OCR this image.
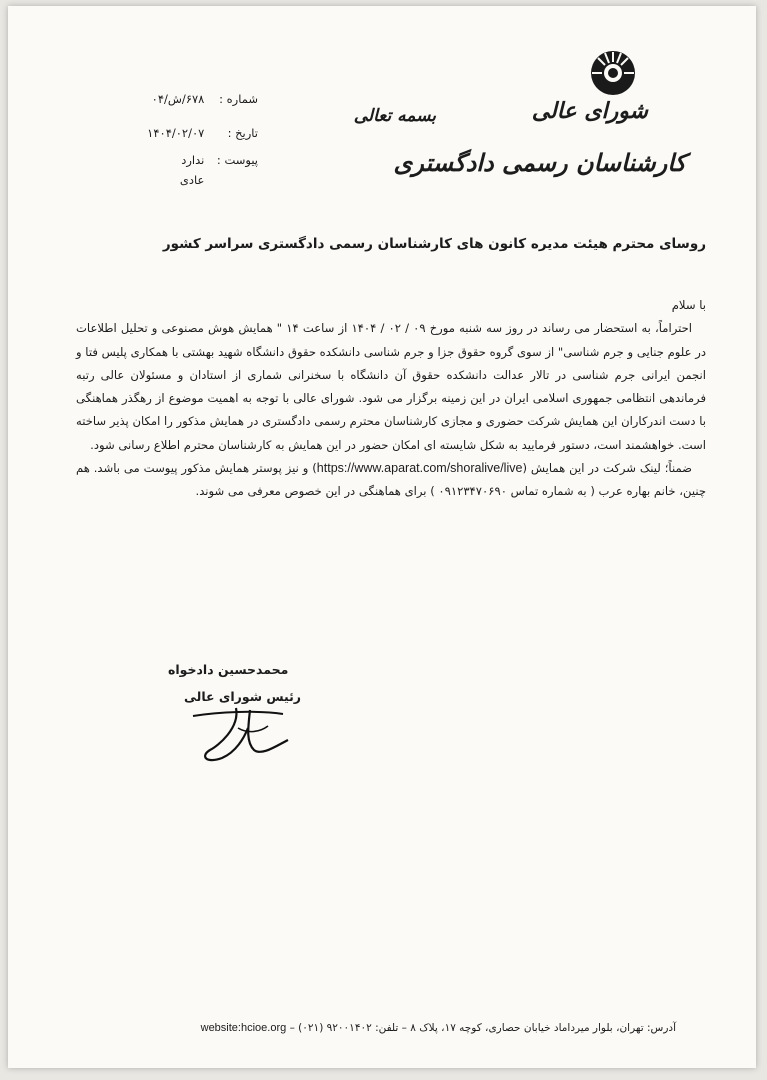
شورای عالی
کارشناسان رسمی دادگستری
بسمه تعالی
شماره : ۶۷۸/ش/۰۴
تاریخ : ۱۴۰۴/۰۲/۰۷
پیوست : ندارد
عادی
روسای محترم هیئت مدیره کانون های کارشناسان رسمی دادگستری سراسر کشور

با سلام

احتراماً، به استحضار می رساند در روز سه شنبه مورخ ۰۹ / ۰۲ / ۱۴۰۴ از ساعت ۱۴ " همایش هوش مصنوعی و تحلیل اطلاعات در علوم جنایی و جرم شناسی" از سوی گروه حقوق جزا و جرم شناسی دانشکده حقوق دانشگاه شهید بهشتی با همکاری پلیس فتا و انجمن ایرانی جرم شناسی در تالار عدالت دانشکده حقوق آن دانشگاه با سخنرانی شماری از استادان و مسئولان عالی رتبه فرماندهی انتظامی جمهوری اسلامی ایران در این زمینه برگزار می شود. شورای عالی با توجه به اهمیت موضوع از رهگذر هماهنگی با دست اندرکاران این همایش شرکت حضوری و مجازی کارشناسان محترم رسمی دادگستری در همایش مذکور را امکان پذیر ساخته است. خواهشمند است، دستور فرمایید به شکل شایسته ای امکان حضور در این همایش به کارشناسان محترم اطلاع رسانی شود.

ضمناً؛ لینک شرکت در این همایش (https://www.aparat.com/shoralive/live) و نیز پوستر همایش مذکور پیوست می باشد. هم چنین، خانم بهاره عرب ( به شماره تماس ۰۹۱۲۳۴۷۰۶۹۰ ) برای هماهنگی در این خصوص معرفی می شوند.

محمدحسین دادخواه
رئیس شورای عالی
آدرس: تهران، بلوار میرداماد خیابان حصاری، کوچه ۱۷، پلاک ۸ – تلفن: ۹۲۰۰۱۴۰۲ (۰۲۱) – website:hcioe.org
